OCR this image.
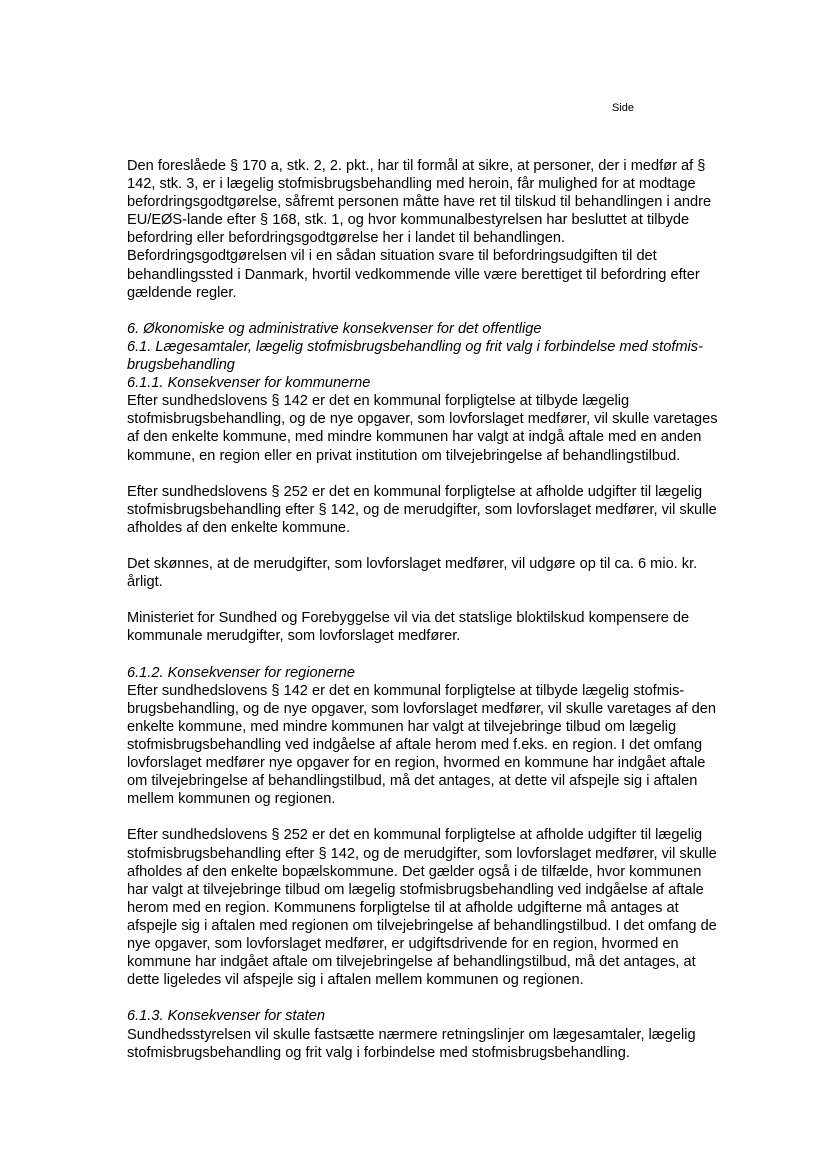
Side

Den foreslåede § 170 a, stk. 2, 2. pkt., har til formål at sikre, at personer, der i medfør af §
142, stk. 3, er i lægelig stofmisbrugsbehandling med heroin, får mulighed for at modtage
befordringsgodtgørelse, såfremt personen måtte have ret til tilskud til behandlingen i andre
EU/EØS-lande efter § 168, stk. 1, og hvor kommunalbestyrelsen har besluttet at tilbyde
befordring eller befordringsgodtgørelse her i landet til behandlingen.
Befordringsgodtgørelsen vil i en sådan situation svare til befordringsudgiften til det
behandlingssted i Danmark, hvortil vedkommende ville være berettiget til befordring efter
gældende regler.

6. Økonomiske og administrative konsekvenser for det offentlige

6.1. Lægesamtaler, lægelig stofmisbrugsbehandling og frit valg i forbindelse med stofmis-
brugsbehandling

6.1.1. Konsekvenser for kommunerne

Efter sundhedslovens § 142 er det en kommunal forpligtelse at tilbyde lægelig
stofmisbrugsbehandling, og de nye opgaver, som lovforslaget medfører, vil skulle varetages
af den enkelte kommune, med mindre kommunen har valgt at indgå aftale med en anden
kommune, en region eller en privat institution om tilvejebringelse af behandlingstilbud.

Efter sundhedslovens § 252 er det en kommunal forpligtelse at afholde udgifter til lægelig
stofmisbrugsbehandling efter § 142, og de merudgifter, som lovforslaget medfører, vil skulle
afholdes af den enkelte kommune.

Det skønnes, at de merudgifter, som lovforslaget medfører, vil udgøre op til ca. 6 mio. kr.
årligt.

Ministeriet for Sundhed og Forebyggelse vil via det statslige bloktilskud kompensere de
kommunale merudgifter, som lovforslaget medfører.

6.1.2. Konsekvenser for regionerne

Efter sundhedslovens § 142 er det en kommunal forpligtelse at tilbyde lægelig stofmis-
brugsbehandling, og de nye opgaver, som lovforslaget medfører, vil skulle varetages af den
enkelte kommune, med mindre kommunen har valgt at tilvejebringe tilbud om lægelig
stofmisbrugsbehandling ved indgåelse af aftale herom med f.eks. en region. I det omfang
lovforslaget medfører nye opgaver for en region, hvormed en kommune har indgået aftale
om tilvejebringelse af behandlingstilbud, må det antages, at dette vil afspejle sig i aftalen
mellem kommunen og regionen.

Efter sundhedslovens § 252 er det en kommunal forpligtelse at afholde udgifter til lægelig
stofmisbrugsbehandling efter § 142, og de merudgifter, som lovforslaget medfører, vil skulle
afholdes af den enkelte bopælskommune. Det gælder også i de tilfælde, hvor kommunen
har valgt at tilvejebringe tilbud om lægelig stofmisbrugsbehandling ved indgåelse af aftale
herom med en region. Kommunens forpligtelse til at afholde udgifterne må antages at
afspejle sig i aftalen med regionen om tilvejebringelse af behandlingstilbud. I det omfang de
nye opgaver, som lovforslaget medfører, er udgiftsdrivende for en region, hvormed en
kommune har indgået aftale om tilvejebringelse af behandlingstilbud, må det antages, at
dette ligeledes vil afspejle sig i aftalen mellem kommunen og regionen.

6.1.3. Konsekvenser for staten

Sundhedsstyrelsen vil skulle fastsætte nærmere retningslinjer om lægesamtaler, lægelig
stofmisbrugsbehandling og frit valg i forbindelse med stofmisbrugsbehandling.
